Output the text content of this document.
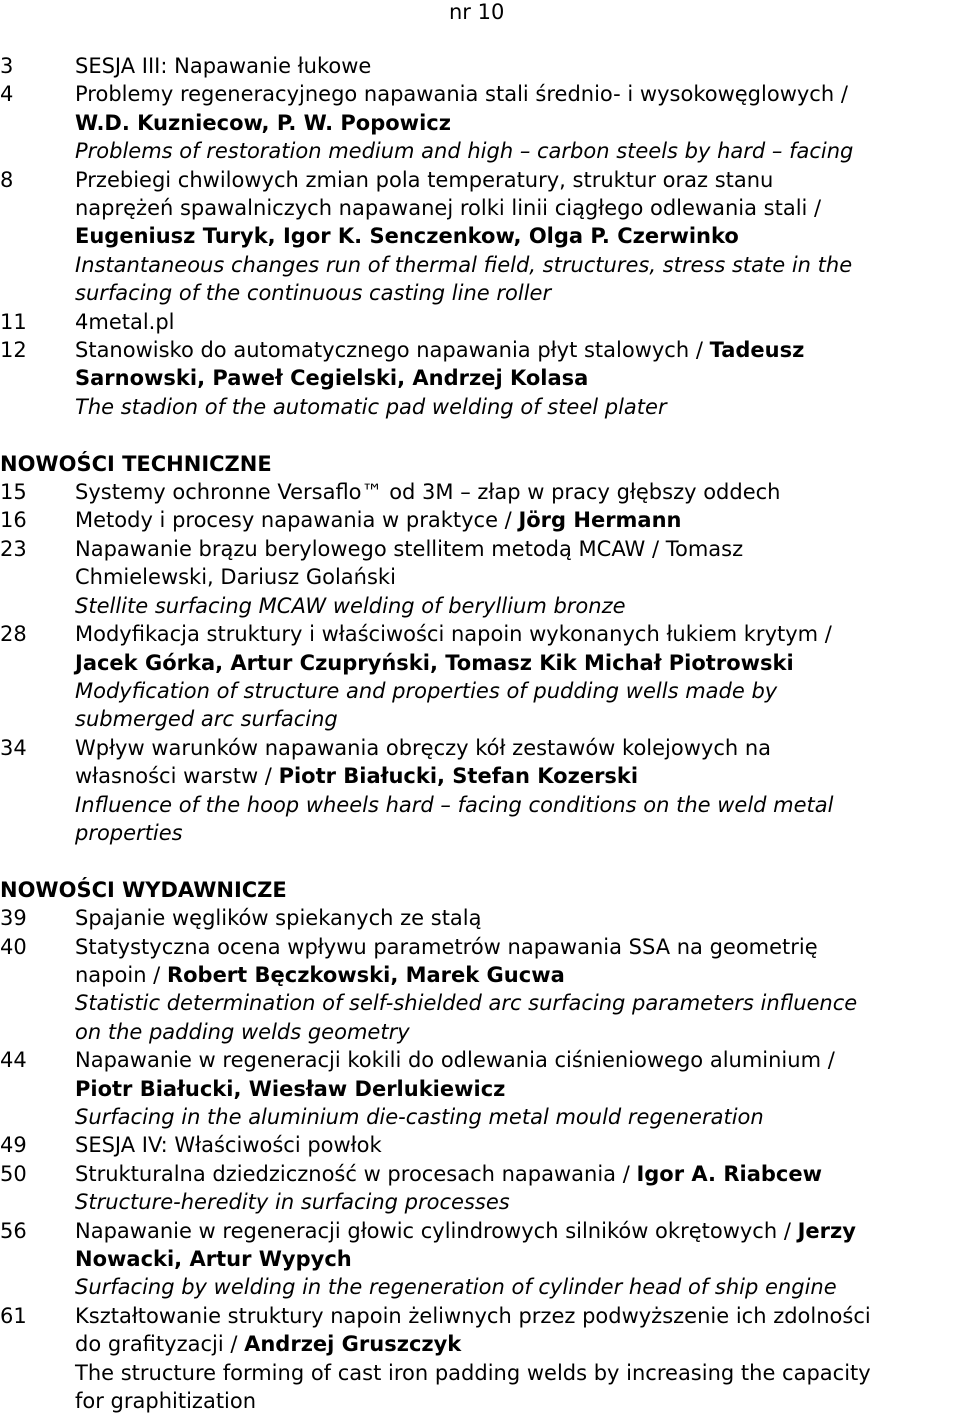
nr 10
3	SESJA III: Napawanie łukowe
4	Problemy regeneracyjnego napawania stali średnio- i wysokowęglowych /
W.D. Kuzniecow, P. W. Popowicz
Problems of restoration medium and high – carbon steels by hard – facing
8	Przebiegi chwilowych zmian pola temperatury, struktur oraz stanu
naprężeń spawalniczych napawanej rolki linii ciągłego odlewania stali /
Eugeniusz Turyk, Igor K. Senczenkow, Olga P. Czerwinko
Instantaneous changes run of thermal field, structures, stress state in the
surfacing of the continuous casting line roller
11	4metal.pl
12	Stanowisko do automatycznego napawania płyt stalowych / Tadeusz
Sarnowski, Paweł Cegielski, Andrzej Kolasa
The stadion of the automatic pad welding of steel plater
NOWOŚCI TECHNICZNE
15	Systemy ochronne Versaflo™ od 3M – złap w pracy głębszy oddech
16	Metody i procesy napawania w praktyce / Jörg Hermann
23	Napawanie brązu berylowego stellitem metodą MCAW / Tomasz
Chmielewski, Dariusz Golański
Stellite surfacing MCAW welding of beryllium bronze
28	Modyfikacja struktury i właściwości napoin wykonanych łukiem krytym /
Jacek Górka, Artur Czupryński, Tomasz Kik Michał Piotrowski
Modyfication of structure and properties of pudding wells made by
submerged arc surfacing
34	Wpływ warunków napawania obręczy kół zestawów kolejowych na
własności warstw / Piotr Białucki, Stefan Kozerski
Influence of the hoop wheels hard – facing conditions on the weld metal
properties
NOWOŚCI WYDAWNICZE
39	Spajanie węglików spiekanych ze stalą
40	Statystyczna ocena wpływu parametrów napawania SSA na geometrię
napoin / Robert Bęczkowski, Marek Gucwa
Statistic determination of self-shielded arc surfacing parameters influence
on the padding welds geometry
44	Napawanie w regeneracji kokili do odlewania ciśnieniowego aluminium /
Piotr Białucki, Wiesław Derlukiewicz
Surfacing in the aluminium die-casting metal mould regeneration
49	SESJA IV: Właściwości powłok
50	Strukturalna dziedziczność w procesach napawania / Igor A. Riabcew
Structure-heredity in surfacing processes
56	Napawanie w regeneracji głowic cylindrowych silników okrętowych / Jerzy
Nowacki, Artur Wypych
Surfacing by welding in the regeneration of cylinder head of ship engine
61	Kształtowanie struktury napoin żeliwnych przez podwyższenie ich zdolności
do grafityzacji / Andrzej Gruszczyk
The structure forming of cast iron padding welds by increasing the capacity
for graphitization
